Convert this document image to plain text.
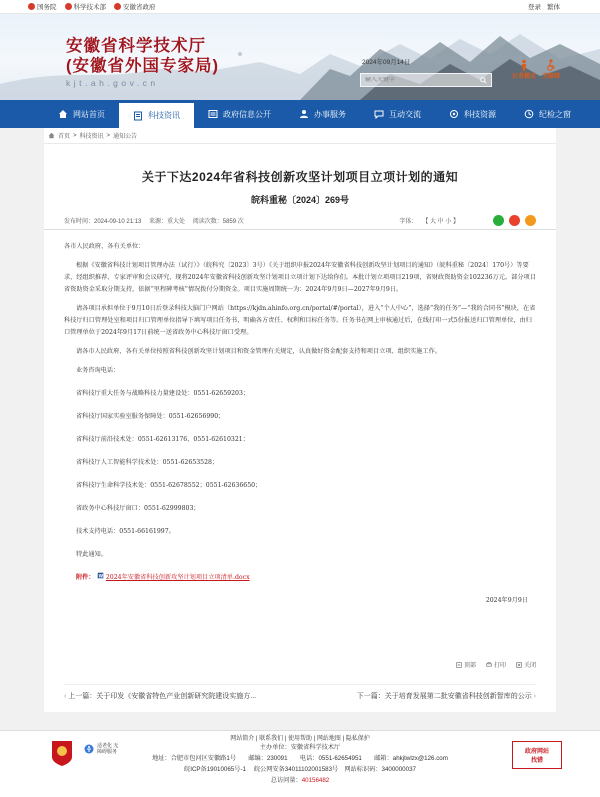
国务院	科学技术部	安徽省政府	登录 繁体
安徽省科学技术厅
(安徽省外国专家局)
kjt.ah.gov.cn
2024年09月14日
输入关键字
长者模式 无障碍
网站首页	科技资讯	政府信息公开	办事服务	互动交流	科技资源	纪检之窗
首页 > 科技资讯 > 通知公告
关于下达2024年省科技创新攻坚计划项目立项计划的通知
皖科重秘〔2024〕269号
发布时间：2024-09-10 21:13 来源：重大处 阅读次数：5859 次	字体： 【 大 中 小 】

各市人民政府，各有关单位：

根据《安徽省科技计划项目管理办法（试行）》（皖科究〔2023〕3号）《关于组织申报2024年安徽省科技创新攻坚计划项目的通知》（皖科重秘〔2024〕170号）等要求，经组织推荐、专家评审和会议研究，现将2024年安徽省科技创新攻坚计划项目立项计划下达给你们。本批计划立项项目219项，省财政资助资金102236万元。部分项目省资助资金采取分期支持，依据“里程碑考核”情况拨付分期资金。项目实施周期统一为：2024年9月9日—2027年9月9日。

请各项目承担单位于9月10日后登录科技大脑门户网站（https://kjdn.ahinfo.org.cn/portal/#/portal），进入“个人中心”，选择“我的任务”—“我的合同书”模块，在省科技厅归口管理处室和项目归口管理单位指导下填写项目任务书，明确各方责任、权利和目标任务等。任务书在网上审核通过后，在线打印一式5份报送归口管理单位，由归口管理单位于2024年9月17日前统一送省政务中心科技厅窗口受理。

请各市人民政府，各有关单位按照省科技创新攻坚计划项目和资金管理有关规定，认真做好资金配套支持和项目立项、组织实施工作。

业务咨询电话：

省科技厅重大任务与战略科技力量建设处：0551-62659203；

省科技厅国家实验室服务保障处：0551-62656990；

省科技厅前沿技术处：0551-62613176、0551-62610321；

省科技厅人工智能科学技术处：0551-62653528；

省科技厅生命科学技术处：0551-62678552；0551-62636650；

省政务中心科技厅窗口：0551-62999803；

技术支持电话：0551-66161997。

特此通知。

附件： W 2024年安徽省科技创新攻坚计划项目立项清单.docx

2024年9月9日

顶部	打印	关闭
‹ 上一篇：关于印发《安徽省特色产业创新研究院建设实施方...	下一篇：关于培育发展第二批安徽省科技创新智库的公示 ›
网站简介 | 联系我们 | 使用帮助 | 网站地图 | 隐私保护
主办单位：安徽省科学技术厅
地址：合肥市包河区安徽路1号　　邮编：230091　　电话：0551-62654951　　邮箱：ahkjtwlzx@126.com
皖ICP备19010065号-1　 皖公网安备34011102001583号　网站标识码：3400000037
总访问量：40156482
适老化 无障碍服务	政府网站
找错
